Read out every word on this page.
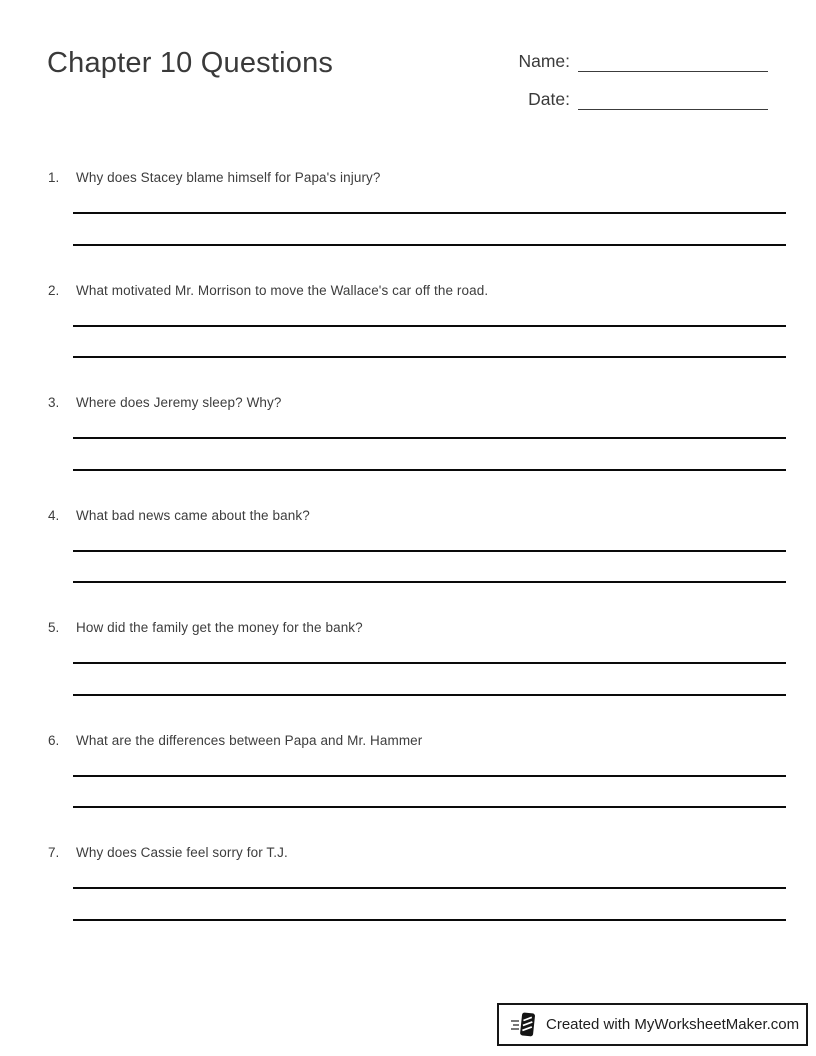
Chapter 10 Questions	Name:
Date:
1.	Why does Stacey blame himself for Papa's injury?
2.	What motivated Mr. Morrison to move the Wallace's car off the road.
3.	Where does Jeremy sleep? Why?
4.	What bad news came about the bank?
5.	How did the family get the money for the bank?
6.	What are the differences between Papa and Mr. Hammer
7.	Why does Cassie feel sorry for T.J.
Created with MyWorksheetMaker.com
